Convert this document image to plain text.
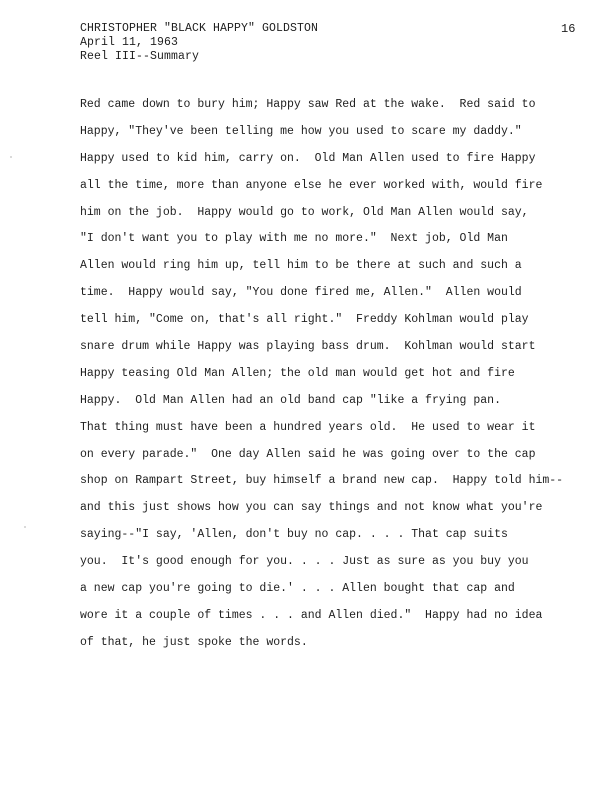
CHRISTOPHER "BLACK HAPPY" GOLDSTON
April 11, 1963
Reel III--Summary
16
Red came down to bury him; Happy saw Red at the wake.  Red said to
Happy, "They've been telling me how you used to scare my daddy."
Happy used to kid him, carry on.  Old Man Allen used to fire Happy
all the time, more than anyone else he ever worked with, would fire
him on the job.  Happy would go to work, Old Man Allen would say,
"I don't want you to play with me no more."  Next job, Old Man
Allen would ring him up, tell him to be there at such and such a
time.  Happy would say, "You done fired me, Allen."  Allen would
tell him, "Come on, that's all right."  Freddy Kohlman would play
snare drum while Happy was playing bass drum.  Kohlman would start
Happy teasing Old Man Allen; the old man would get hot and fire
Happy.  Old Man Allen had an old band cap "like a frying pan.
That thing must have been a hundred years old.  He used to wear it
on every parade."  One day Allen said he was going over to the cap
shop on Rampart Street, buy himself a brand new cap.  Happy told him--
and this just shows how you can say things and not know what you're
saying--"I say, 'Allen, don't buy no cap. . . . That cap suits
you.  It's good enough for you. . . . Just as sure as you buy you
a new cap you're going to die.' . . . Allen bought that cap and
wore it a couple of times . . . and Allen died."  Happy had no idea
of that, he just spoke the words.
